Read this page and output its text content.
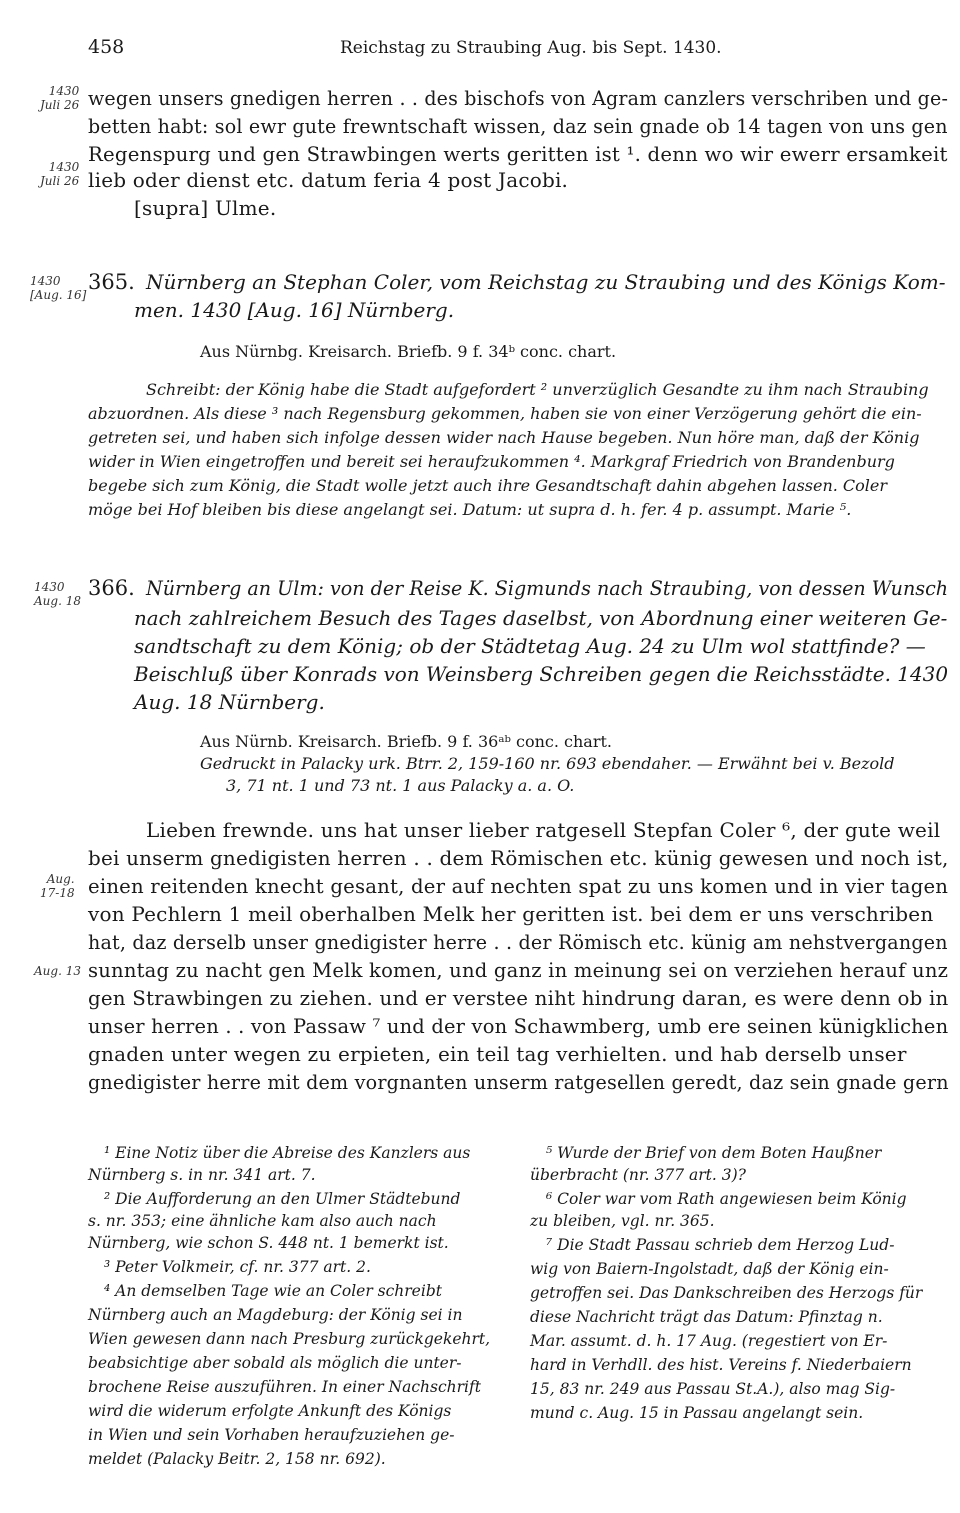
458	Reichstag zu Straubing Aug. bis Sept. 1430.
1430
Juli 26
1430
Juli 26
wegen unsers gnedigen herren . . des bischofs von Agram canzlers verschriben und ge-
betten habt: sol ewr gute frewntschaft wissen, daz sein gnade ob 14 tagen von uns gen
Regenspurg und gen Strawbingen werts geritten ist ¹. denn wo wir ewerr ersamkeit
lieb oder dienst etc. datum feria 4 post Jacobi.
[supra] Ulme.
1430
[Aug. 16]
365. Nürnberg an Stephan Coler, vom Reichstag zu Straubing und des Königs Kom-
men. 1430 [Aug. 16] Nürnberg.
Aus Nürnbg. Kreisarch. Briefb. 9 f. 34ᵇ conc. chart.
Schreibt: der König habe die Stadt aufgefordert ² unverzüglich Gesandte zu ihm nach Straubing
abzuordnen. Als diese ³ nach Regensburg gekommen, haben sie von einer Verzögerung gehört die ein-
getreten sei, und haben sich infolge dessen wider nach Hause begeben. Nun höre man, daß der König
wider in Wien eingetroffen und bereit sei heraufzukommen ⁴. Markgraf Friedrich von Brandenburg
begebe sich zum König, die Stadt wolle jetzt auch ihre Gesandtschaft dahin abgehen lassen. Coler
möge bei Hof bleiben bis diese angelangt sei. Datum: ut supra d. h. fer. 4 p. assumpt. Marie ⁵.
1430
Aug. 18
366. Nürnberg an Ulm: von der Reise K. Sigmunds nach Straubing, von dessen Wunsch
nach zahlreichem Besuch des Tages daselbst, von Abordnung einer weiteren Ge-
sandtschaft zu dem König; ob der Städtetag Aug. 24 zu Ulm wol stattfinde? —
Beischluß über Konrads von Weinsberg Schreiben gegen die Reichsstädte. 1430
Aug. 18 Nürnberg.
Aus Nürnb. Kreisarch. Briefb. 9 f. 36ᵃᵇ conc. chart.
Gedruckt in Palacky urk. Btrr. 2, 159-160 nr. 693 ebendaher. — Erwähnt bei v. Bezold
3, 71 nt. 1 und 73 nt. 1 aus Palacky a. a. O.
Aug.
17-18
Aug. 13
Lieben frewnde. uns hat unser lieber ratgesell Stepfan Coler ⁶, der gute weil
bei unserm gnedigisten herren . . dem Römischen etc. künig gewesen und noch ist,
einen reitenden knecht gesant, der auf nechten spat zu uns komen und in vier tagen
von Pechlern 1 meil oberhalben Melk her geritten ist. bei dem er uns verschriben
hat, daz derselb unser gnedigister herre . . der Römisch etc. künig am nehstvergangen
sunntag zu nacht gen Melk komen, und ganz in meinung sei on verziehen herauf unz
gen Strawbingen zu ziehen. und er verstee niht hindrung daran, es were denn ob in
unser herren . . von Passaw ⁷ und der von Schawmberg, umb ere seinen künigklichen
gnaden unter wegen zu erpieten, ein teil tag verhielten. und hab derselb unser
gnedigister herre mit dem vorgnanten unserm ratgesellen geredt, daz sein gnade gern
¹ Eine Notiz über die Abreise des Kanzlers aus
Nürnberg s. in nr. 341 art. 7.
² Die Aufforderung an den Ulmer Städtebund
s. nr. 353; eine ähnliche kam also auch nach
Nürnberg, wie schon S. 448 nt. 1 bemerkt ist.
³ Peter Volkmeir, cf. nr. 377 art. 2.
⁴ An demselben Tage wie an Coler schreibt
Nürnberg auch an Magdeburg: der König sei in
Wien gewesen dann nach Presburg zurückgekehrt,
beabsichtige aber sobald als möglich die unter-
brochene Reise auszuführen. In einer Nachschrift
wird die widerum erfolgte Ankunft des Königs
in Wien und sein Vorhaben heraufzuziehen ge-
meldet (Palacky Beitr. 2, 158 nr. 692).
⁵ Wurde der Brief von dem Boten Haußner
überbracht (nr. 377 art. 3)?
⁶ Coler war vom Rath angewiesen beim König
zu bleiben, vgl. nr. 365.
⁷ Die Stadt Passau schrieb dem Herzog Lud-
wig von Baiern-Ingolstadt, daß der König ein-
getroffen sei. Das Dankschreiben des Herzogs für
diese Nachricht trägt das Datum: Pfinztag n.
Mar. assumt. d. h. 17 Aug. (regestiert von Er-
hard in Verhdll. des hist. Vereins f. Niederbaiern
15, 83 nr. 249 aus Passau St.A.), also mag Sig-
mund c. Aug. 15 in Passau angelangt sein.
